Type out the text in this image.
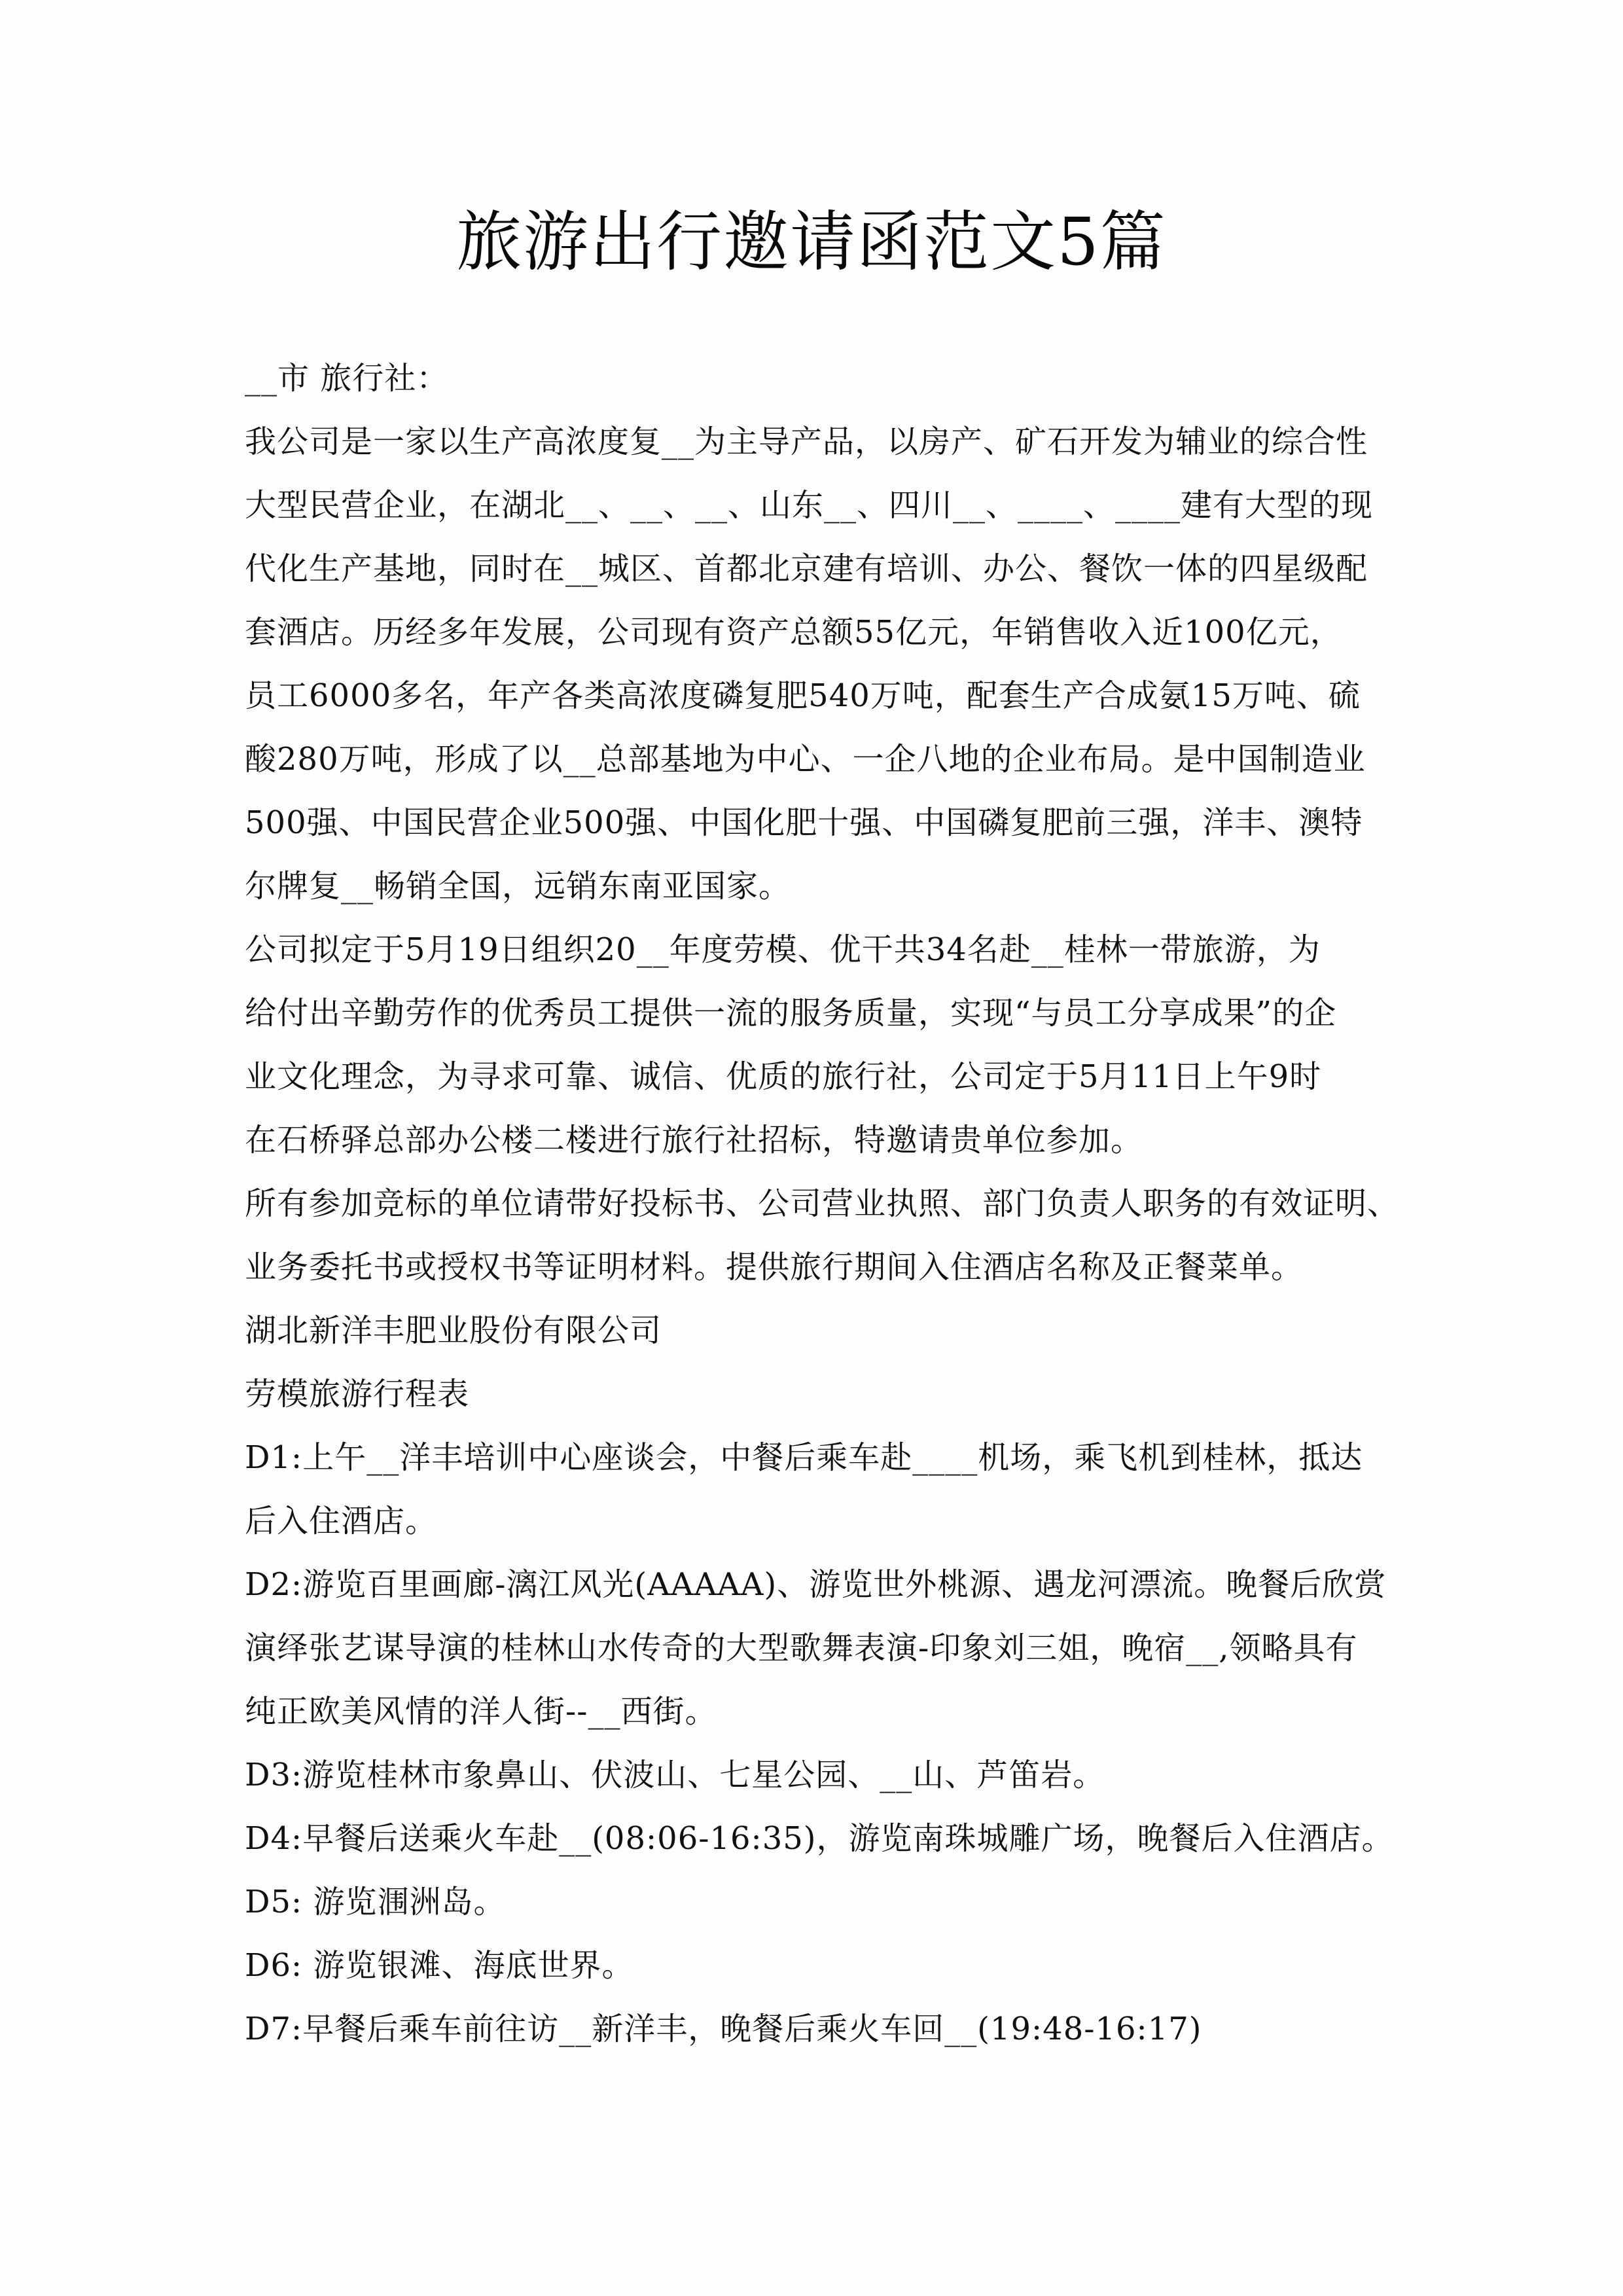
旅游出行邀请函范文5篇
__市 旅行社：
我公司是一家以生产高浓度复__为主导产品，以房产、矿石开发为辅业的综合性
大型民营企业，在湖北__、__、__、山东__、四川__、____、____建有大型的现
代化生产基地，同时在__城区、首都北京建有培训、办公、餐饮一体的四星级配
套酒店。历经多年发展，公司现有资产总额55亿元，年销售收入近100亿元，
员工6000多名，年产各类高浓度磷复肥540万吨，配套生产合成氨15万吨、硫
酸280万吨，形成了以__总部基地为中心、一企八地的企业布局。是中国制造业
500强、中国民营企业500强、中国化肥十强、中国磷复肥前三强，洋丰、澳特
尔牌复__畅销全国，远销东南亚国家。
公司拟定于5月19日组织20__年度劳模、优干共34名赴__桂林一带旅游，为
给付出辛勤劳作的优秀员工提供一流的服务质量，实现“与员工分享成果”的企
业文化理念，为寻求可靠、诚信、优质的旅行社，公司定于5月11日上午9时
在石桥驿总部办公楼二楼进行旅行社招标，特邀请贵单位参加。
所有参加竞标的单位请带好投标书、公司营业执照、部门负责人职务的有效证明、
业务委托书或授权书等证明材料。提供旅行期间入住酒店名称及正餐菜单。
湖北新洋丰肥业股份有限公司
劳模旅游行程表
D1:上午__洋丰培训中心座谈会，中餐后乘车赴____机场，乘飞机到桂林，抵达
后入住酒店。
D2:游览百里画廊-漓江风光(AAAAA)、游览世外桃源、遇龙河漂流。晚餐后欣赏
演绎张艺谋导演的桂林山水传奇的大型歌舞表演-印象刘三姐，晚宿__,领略具有
纯正欧美风情的洋人街--__西街。
D3:游览桂林市象鼻山、伏波山、七星公园、__山、芦笛岩。
D4:早餐后送乘火车赴__(08:06-16:35)，游览南珠城雕广场，晚餐后入住酒店。
D5: 游览涠洲岛。
D6: 游览银滩、海底世界。
D7:早餐后乘车前往访__新洋丰，晚餐后乘火车回__(19:48-16:17)
